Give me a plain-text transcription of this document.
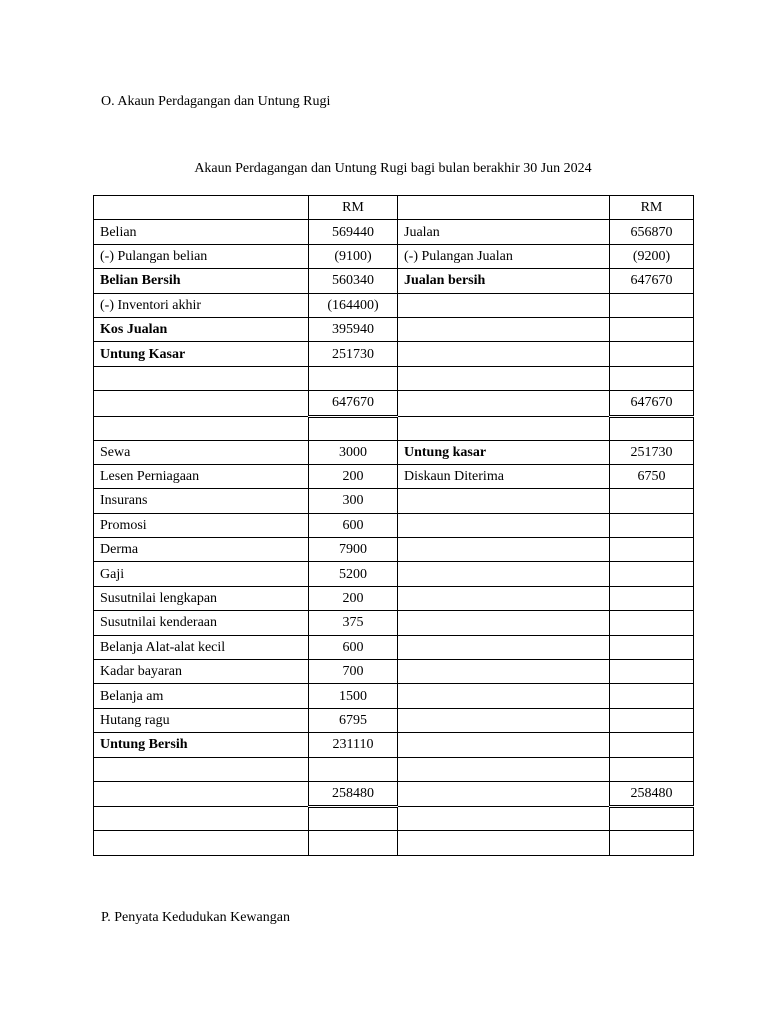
O. Akaun Perdagangan dan Untung Rugi
Akaun Perdagangan dan Untung Rugi bagi bulan berakhir 30 Jun 2024
	RM		RM
Belian	569440	Jualan	656870
(-) Pulangan belian	(9100)	(-) Pulangan Jualan	(9200)
Belian Bersih	560340	Jualan bersih	647670
(-) Inventori akhir	(164400)		
Kos Jualan	395940		
Untung Kasar	251730		

	647670		647670

Sewa	3000	Untung kasar	251730
Lesen Perniagaan	200	Diskaun Diterima	6750
Insurans	300		
Promosi	600		
Derma	7900		
Gaji	5200		
Susutnilai lengkapan	200		
Susutnilai kenderaan	375		
Belanja Alat-alat kecil	600		
Kadar bayaran	700		
Belanja am	1500		
Hutang ragu	6795		
Untung Bersih	231110		

	258480		258480

P. Penyata Kedudukan Kewangan
